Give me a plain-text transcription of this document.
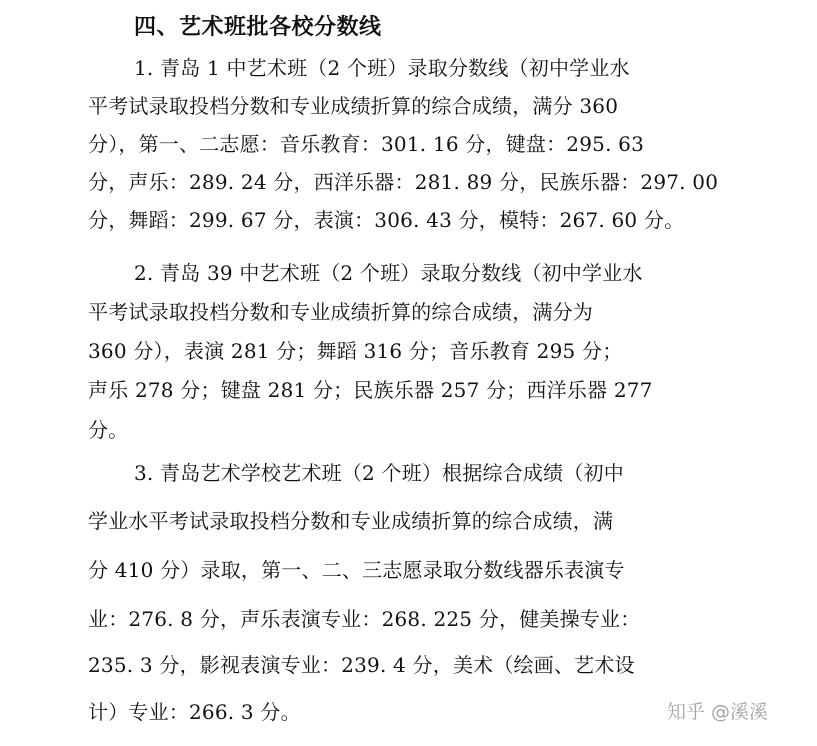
四、艺术班批各校分数线
1. 青岛 1 中艺术班（2 个班）录取分数线（初中学业水
平考试录取投档分数和专业成绩折算的综合成绩，满分 360
分），第一、二志愿：音乐教育：301. 16 分，键盘：295. 63
分，声乐：289. 24 分，西洋乐器：281. 89 分，民族乐器：297. 00
分，舞蹈：299. 67 分，表演：306. 43 分，模特：267. 60 分。
2. 青岛 39 中艺术班（2 个班）录取分数线（初中学业水
平考试录取投档分数和专业成绩折算的综合成绩，满分为
360 分），表演 281 分；舞蹈 316 分；音乐教育 295 分；
声乐 278 分；键盘 281 分；民族乐器 257 分；西洋乐器 277
分。
3. 青岛艺术学校艺术班（2 个班）根据综合成绩（初中
学业水平考试录取投档分数和专业成绩折算的综合成绩，满
分 410 分）录取，第一、二、三志愿录取分数线器乐表演专
业：276. 8 分，声乐表演专业：268. 225 分，健美操专业：
235. 3 分，影视表演专业：239. 4 分，美术（绘画、艺术设
计）专业：266. 3 分。	知乎 @溪溪
